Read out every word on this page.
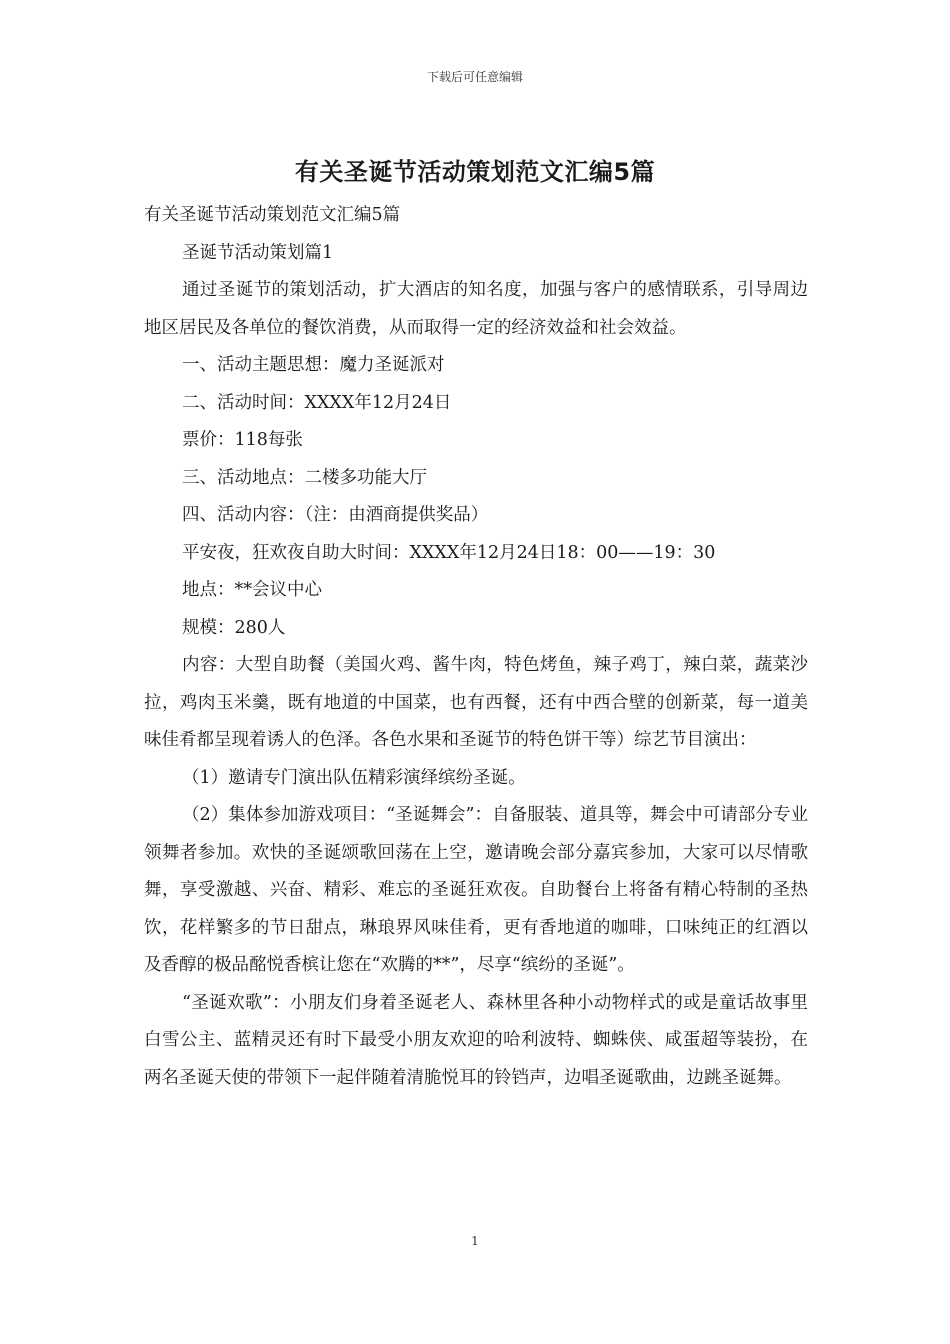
下载后可任意编辑
有关圣诞节活动策划范文汇编5篇

有关圣诞节活动策划范文汇编5篇

圣诞节活动策划篇1

通过圣诞节的策划活动，扩大酒店的知名度，加强与客户的感情联系，引导周边地区居民及各单位的餐饮消费，从而取得一定的经济效益和社会效益。

一、活动主题思想：魔力圣诞派对

二、活动时间：XXXX年12月24日

票价：118每张

三、活动地点：二楼多功能大厅

四、活动内容：（注：由酒商提供奖品）

平安夜，狂欢夜自助大时间：XXXX年12月24日18：00——19：30

地点：**会议中心

规模：280人

内容：大型自助餐（美国火鸡、酱牛肉，特色烤鱼，辣子鸡丁，辣白菜，蔬菜沙拉，鸡肉玉米羹，既有地道的中国菜，也有西餐，还有中西合壁的创新菜，每一道美味佳肴都呈现着诱人的色泽。各色水果和圣诞节的特色饼干等）综艺节目演出：

（1）邀请专门演出队伍精彩演绎缤纷圣诞。

（2）集体参加游戏项目：“圣诞舞会”：自备服装、道具等，舞会中可请部分专业领舞者参加。欢快的圣诞颂歌回荡在上空，邀请晚会部分嘉宾参加，大家可以尽情歌舞，享受激越、兴奋、精彩、难忘的圣诞狂欢夜。自助餐台上将备有精心特制的圣热饮，花样繁多的节日甜点，琳琅界风味佳肴，更有香地道的咖啡，口味纯正的红酒以及香醇的极品酩悦香槟让您在“欢腾的**”，尽享“缤纷的圣诞”。

“圣诞欢歌”：小朋友们身着圣诞老人、森林里各种小动物样式的或是童话故事里白雪公主、蓝精灵还有时下最受小朋友欢迎的哈利波特、蜘蛛侠、咸蛋超等装扮，在两名圣诞天使的带领下一起伴随着清脆悦耳的铃铛声，边唱圣诞歌曲，边跳圣诞舞。

1
